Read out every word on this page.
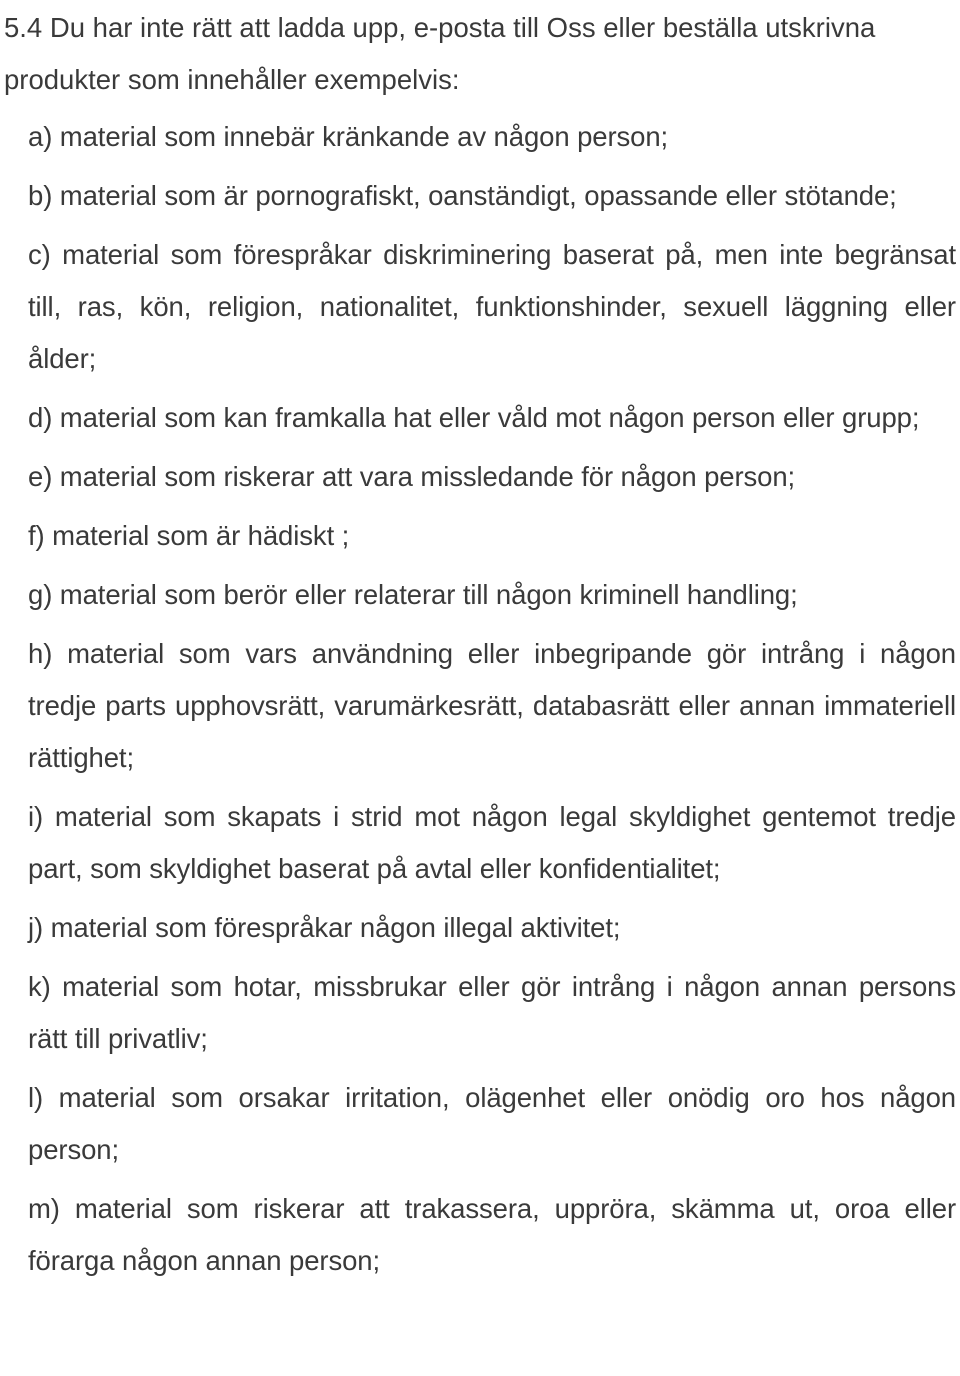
5.4 Du har inte rätt att ladda upp, e-posta till Oss eller beställa utskrivna produkter som innehåller exempelvis:

a) material som innebär kränkande av någon person;
b) material som är pornografiskt, oanständigt, opassande eller stötande;
c) material som förespråkar diskriminering baserat på, men inte begränsat till, ras, kön, religion, nationalitet, funktionshinder, sexuell läggning eller ålder;
d) material som kan framkalla hat eller våld mot någon person eller grupp;
e) material som riskerar att vara missledande för någon person;
f) material som är hädiskt ;
g) material som berör eller relaterar till någon kriminell handling;
h) material som vars användning eller inbegripande gör intrång i någon tredje parts upphovsrätt, varumärkesrätt, databasrätt eller annan immateriell rättighet;
i) material som skapats i strid mot någon legal skyldighet gentemot tredje part, som skyldighet baserat på avtal eller konfidentialitet;
j) material som förespråkar någon illegal aktivitet;
k) material som hotar, missbrukar eller gör intrång i någon annan persons rätt till privatliv;
l) material som orsakar irritation, olägenhet eller onödig oro hos någon person;
m) material som riskerar att trakassera, uppröra, skämma ut, oroa eller förarga någon annan person;
